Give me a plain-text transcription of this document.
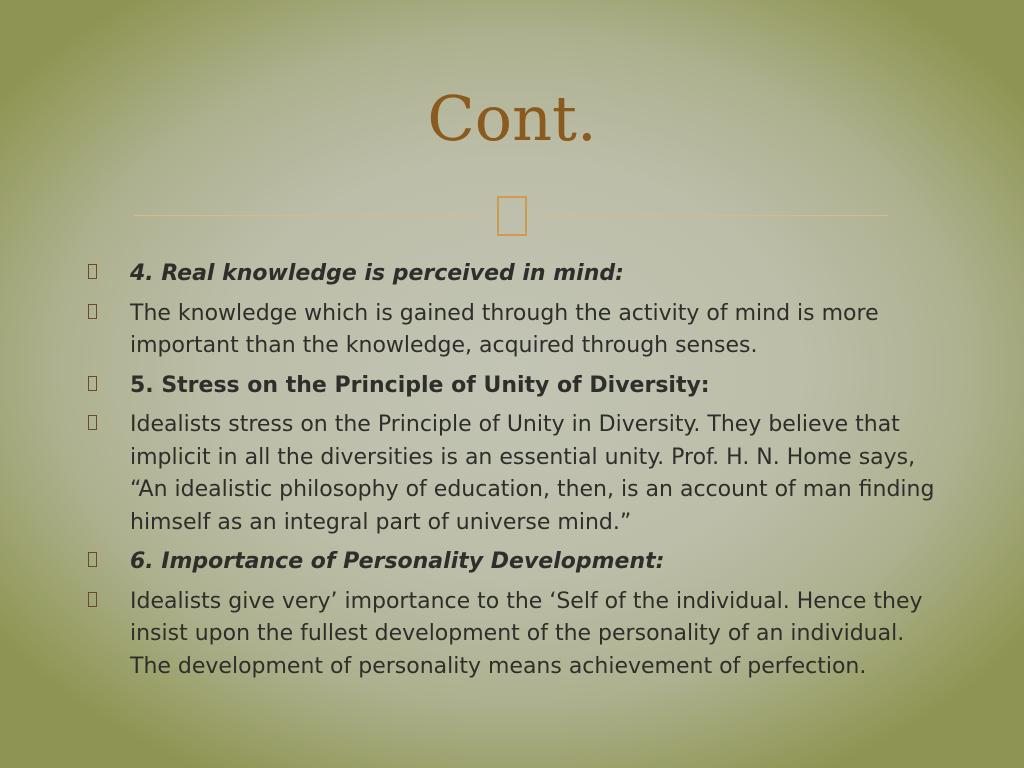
Cont.
4. Real knowledge is perceived in mind:
The knowledge which is gained through the activity of mind is more important than the knowledge, acquired through senses.
5. Stress on the Principle of Unity of Diversity:
Idealists stress on the Principle of Unity in Diversity. They believe that implicit in all the diversities is an essential unity. Prof. H. N. Home says, “An idealistic philosophy of education, then, is an account of man finding himself as an integral part of universe mind.”
6. Importance of Personality Development:
Idealists give very’ importance to the ‘Self of the individual. Hence they insist upon the fullest development of the personality of an individual. The development of personality means achievement of perfection.
